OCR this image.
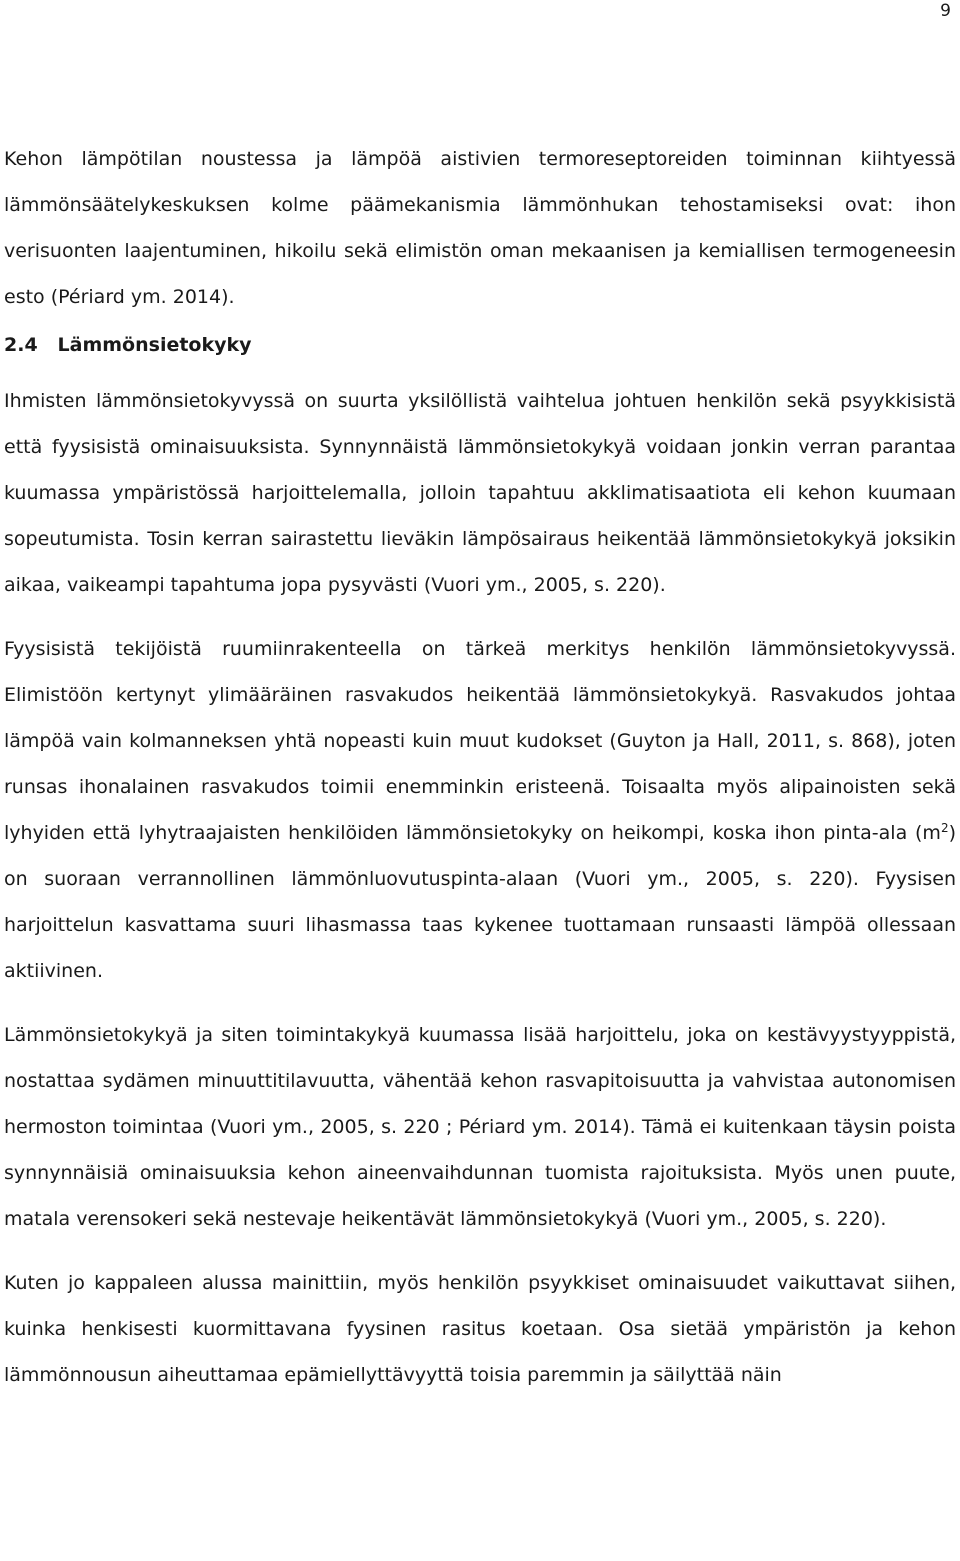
9

Kehon lämpötilan noustessa ja lämpöä aistivien termoreseptoreiden toiminnan kiihtyessä lämmönsäätelykeskuksen kolme päämekanismia lämmönhukan tehostamiseksi ovat: ihon verisuonten laajentuminen, hikoilu sekä elimistön oman mekaanisen ja kemiallisen termogeneesin esto (Périard ym. 2014).

2.4 Lämmönsietokyky

Ihmisten lämmönsietokyvyssä on suurta yksilöllistä vaihtelua johtuen henkilön sekä psyykkisistä että fyysisistä ominaisuuksista. Synnynnäistä lämmönsietokykyä voidaan jonkin verran parantaa kuumassa ympäristössä harjoittelemalla, jolloin tapahtuu akklimatisaatiota eli kehon kuumaan sopeutumista. Tosin kerran sairastettu lieväkin lämpösairaus heikentää lämmönsietokykyä joksikin aikaa, vaikeampi tapahtuma jopa pysyvästi (Vuori ym., 2005, s. 220).

Fyysisistä tekijöistä ruumiinrakenteella on tärkeä merkitys henkilön lämmönsietokyvyssä. Elimistöön kertynyt ylimääräinen rasvakudos heikentää lämmönsietokykyä. Rasvakudos johtaa lämpöä vain kolmanneksen yhtä nopeasti kuin muut kudokset (Guyton ja Hall, 2011, s. 868), joten runsas ihonalainen rasvakudos toimii enemminkin eristeenä. Toisaalta myös alipainoisten sekä lyhyiden että lyhytraajaisten henkilöiden lämmönsietokyky on heikompi, koska ihon pinta-ala $(m^2)$ on suoraan verrannollinen lämmönluovutuspinta-alaan (Vuori ym., 2005, s. 220). Fyysisen harjoittelun kasvattama suuri lihasmassa taas kykenee tuottamaan runsaasti lämpöä ollessaan aktiivinen.

Lämmönsietokykyä ja siten toimintakykyä kuumassa lisää harjoittelu, joka on kestävyystyyppistä, nostattaa sydämen minuuttitilavuutta, vähentää kehon rasvapitoisuutta ja vahvistaa autonomisen hermoston toimintaa (Vuori ym., 2005, s. 220 ; Périard ym. 2014). Tämä ei kuitenkaan täysin poista synnynnäisiä ominaisuuksia kehon aineenvaihdunnan tuomista rajoituksista. Myös unen puute, matala verensokeri sekä nestevaje heikentävät lämmönsietokykyä (Vuori ym., 2005, s. 220).

Kuten jo kappaleen alussa mainittiin, myös henkilön psyykkiset ominaisuudet vaikuttavat siihen, kuinka henkisesti kuormittavana fyysinen rasitus koetaan. Osa sietää ympäristön ja kehon lämmönnousun aiheuttamaa epämiellyttävyyttä toisia paremmin ja säilyttää näin
